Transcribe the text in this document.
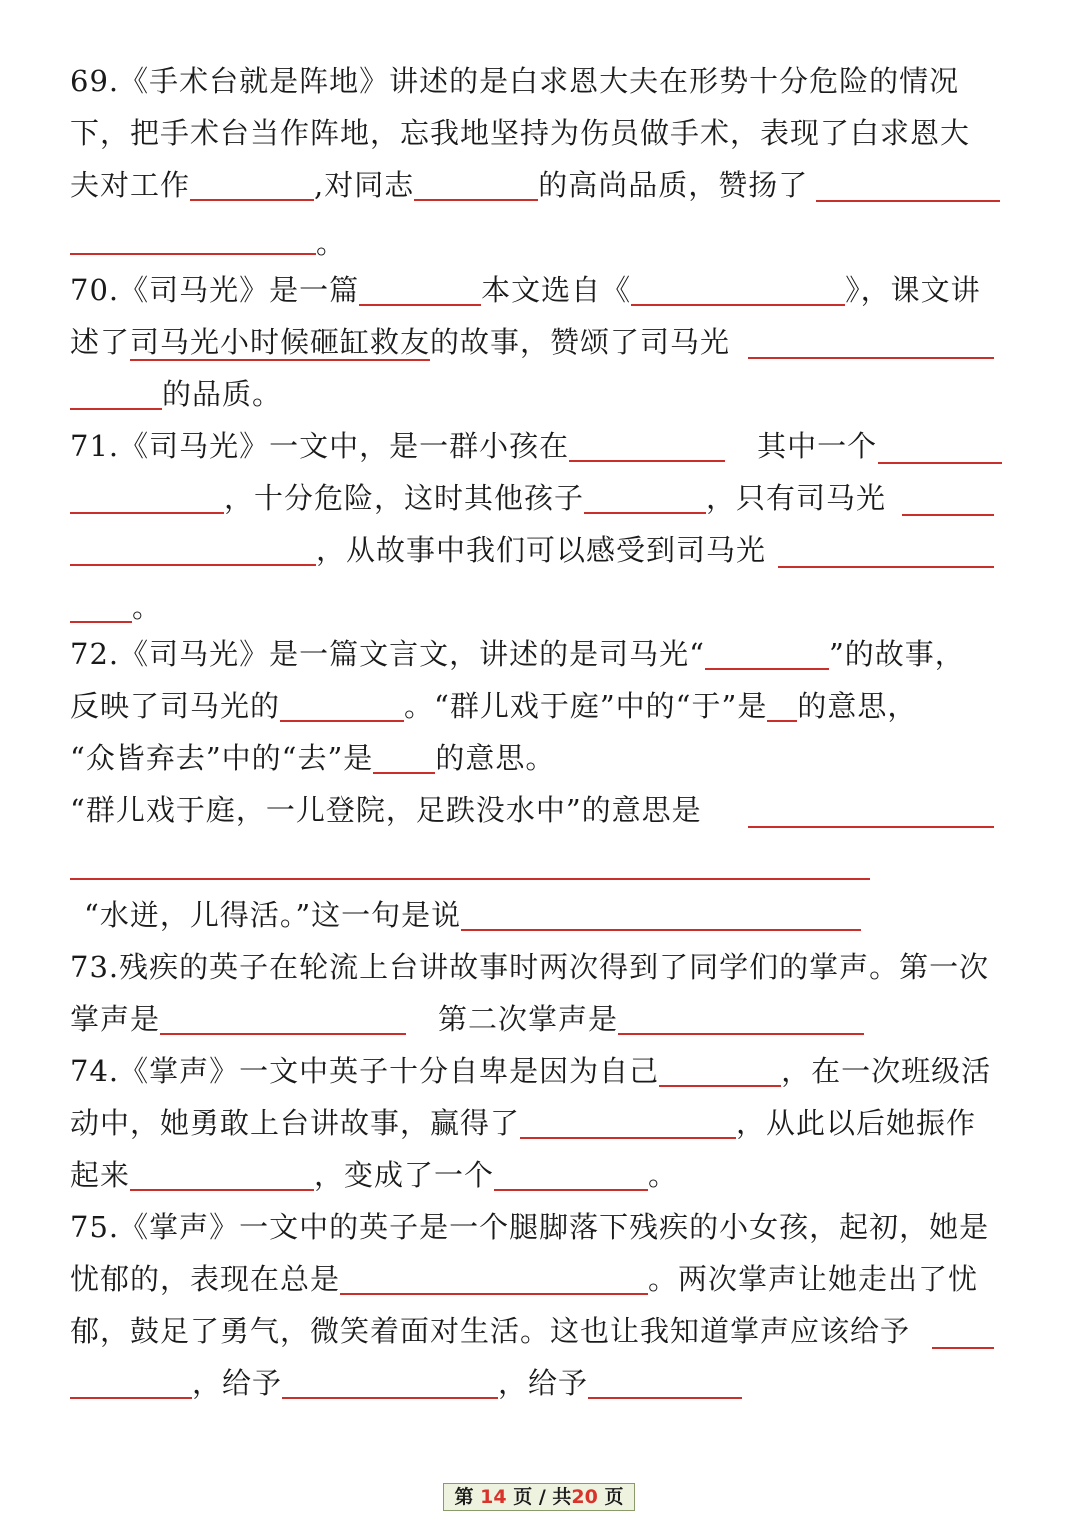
69.《手术台就是阵地》讲述的是白求恩大夫在形势十分危险的情况
下，把手术台当作阵地，忘我地坚持为伤员做手术，表现了白求恩大
夫对工作	,对同志	的高尚品质，赞扬了
。
70.《司马光》是一篇	本文选自《	》，课文讲
述了司马光小时候砸缸救友的故事，赞颂了司马光
的品质。
71.《司马光》一文中，是一群小孩在	其中一个
，十分危险，这时其他孩子	，只有司马光
，从故事中我们可以感受到司马光
。
72.《司马光》是一篇文言文，讲述的是司马光“	”的故事，
反映了司马光的	。“群儿戏于庭”中的“于”是 的意思，
“众皆弃去”中的“去”是 的意思。
“群儿戏于庭，一儿登院，足跌没水中”的意思是
“水迸，儿得活。”这一句是说
73.残疾的英子在轮流上台讲故事时两次得到了同学们的掌声。第一次
掌声是	第二次掌声是
74.《掌声》一文中英子十分自卑是因为自己	，在一次班级活
动中，她勇敢上台讲故事，赢得了	，从此以后她振作
起来	，变成了一个	。
75.《掌声》一文中的英子是一个腿脚落下残疾的小女孩，起初，她是
忧郁的，表现在总是	。两次掌声让她走出了忧
郁，鼓足了勇气，微笑着面对生活。这也让我知道掌声应该给予
，给予	，给予
第 14 页 / 共20 页
